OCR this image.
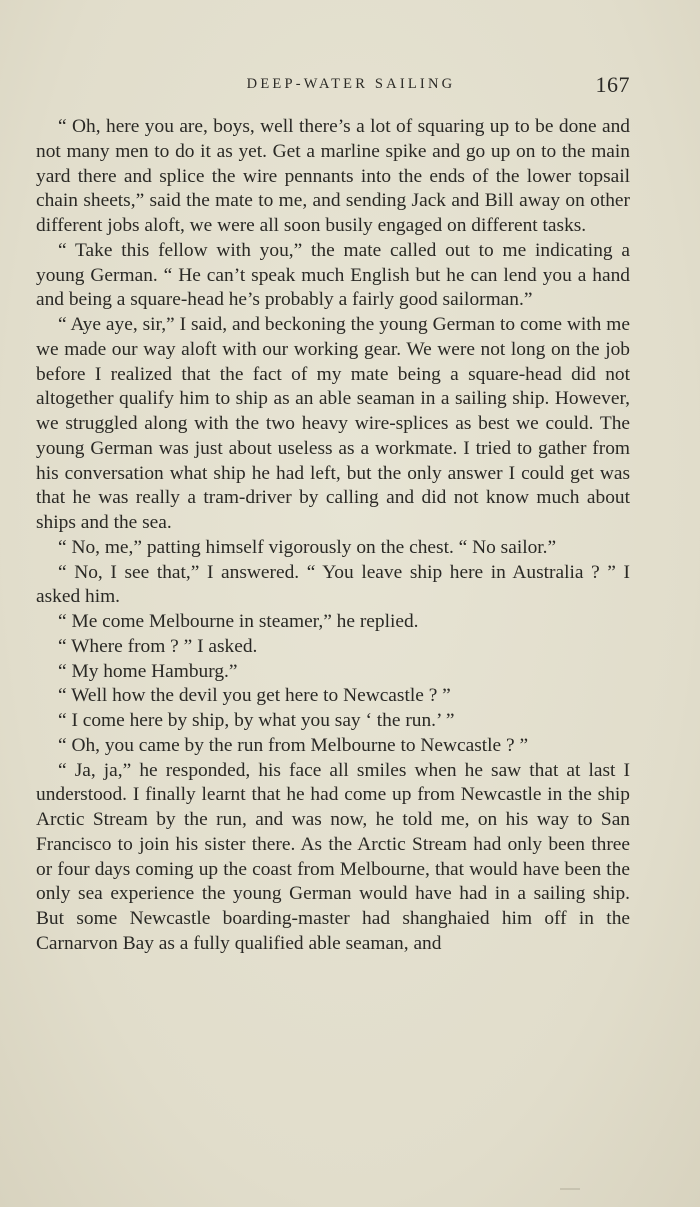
DEEP-WATER SAILING	167

“ Oh, here you are, boys, well there’s a lot of squaring up to be done and not many men to do it as yet. Get a marline spike and go up on to the main yard there and splice the wire pennants into the ends of the lower topsail chain sheets,” said the mate to me, and sending Jack and Bill away on other different jobs aloft, we were all soon busily engaged on different tasks.

“ Take this fellow with you,” the mate called out to me indicating a young German. “ He can’t speak much English but he can lend you a hand and being a square-head he’s probably a fairly good sailorman.”

“ Aye aye, sir,” I said, and beckoning the young German to come with me we made our way aloft with our working gear. We were not long on the job before I realized that the fact of my mate being a square-head did not altogether qualify him to ship as an able seaman in a sailing ship. However, we struggled along with the two heavy wire-splices as best we could. The young German was just about useless as a workmate. I tried to gather from his conversation what ship he had left, but the only answer I could get was that he was really a tram-driver by calling and did not know much about ships and the sea.

“ No, me,” patting himself vigorously on the chest. “ No sailor.”

“ No, I see that,” I answered. “ You leave ship here in Australia ? ” I asked him.

“ Me come Melbourne in steamer,” he replied.

“ Where from ? ” I asked.

“ My home Hamburg.”

“ Well how the devil you get here to Newcastle ? ”

“ I come here by ship, by what you say ‘ the run.’ ”

“ Oh, you came by the run from Melbourne to Newcastle ? ”

“ Ja, ja,” he responded, his face all smiles when he saw that at last I understood. I finally learnt that he had come up from Newcastle in the ship Arctic Stream by the run, and was now, he told me, on his way to San Francisco to join his sister there. As the Arctic Stream had only been three or four days coming up the coast from Melbourne, that would have been the only sea experience the young German would have had in a sailing ship. But some Newcastle boarding-master had shanghaied him off in the Carnarvon Bay as a fully qualified able seaman, and
